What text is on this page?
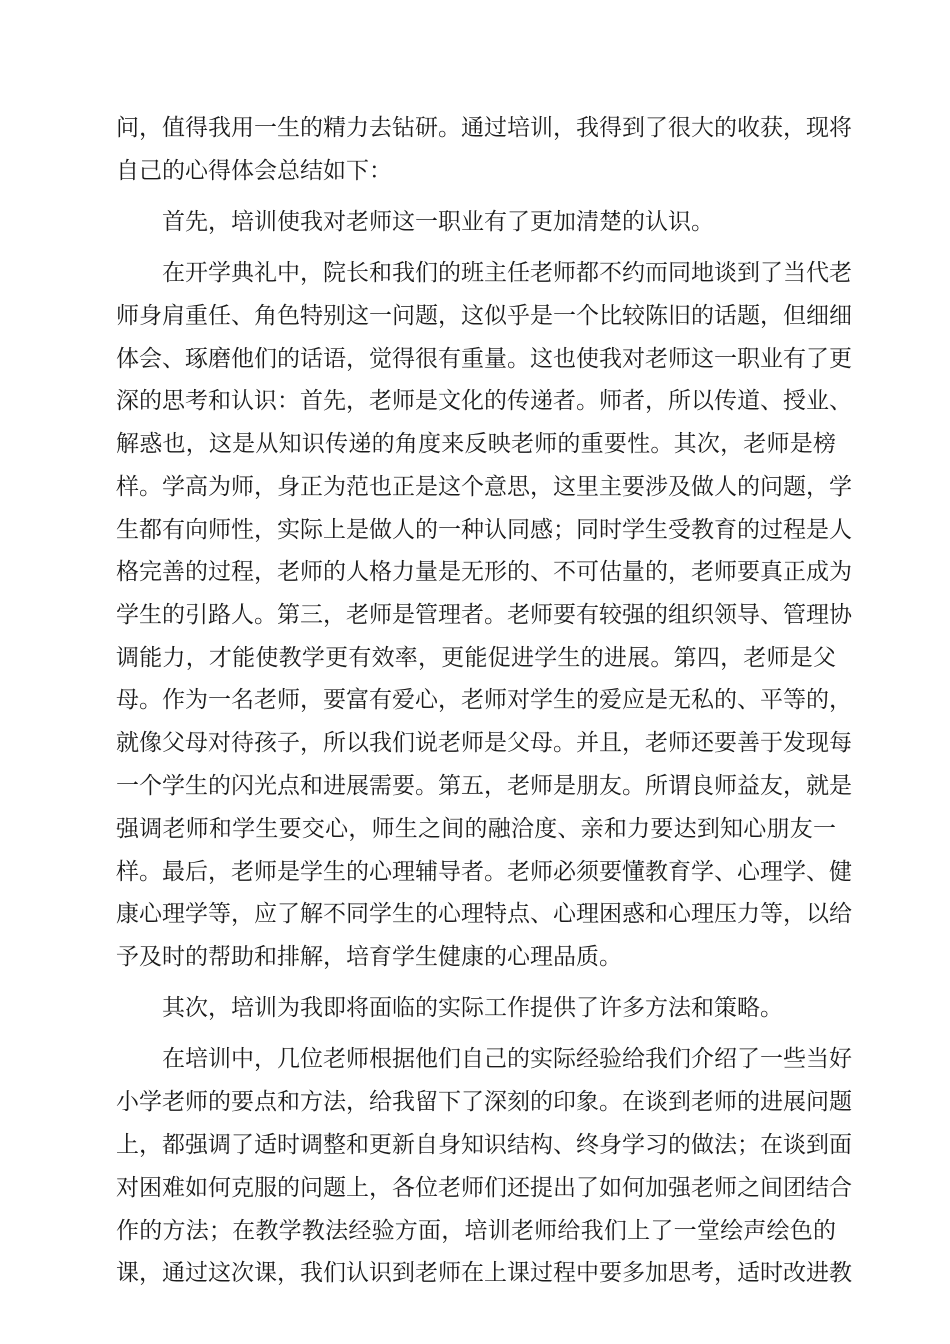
问，值得我用一生的精力去钻研。通过培训，我得到了很大的收获，现将

自己的心得体会总结如下：

首先，培训使我对老师这一职业有了更加清楚的认识。

在开学典礼中，院长和我们的班主任老师都不约而同地谈到了当代老

师身肩重任、角色特别这一问题，这似乎是一个比较陈旧的话题，但细细

体会、琢磨他们的话语，觉得很有重量。这也使我对老师这一职业有了更

深的思考和认识：首先，老师是文化的传递者。师者，所以传道、授业、

解惑也，这是从知识传递的角度来反映老师的重要性。其次，老师是榜

样。学高为师，身正为范也正是这个意思，这里主要涉及做人的问题，学

生都有向师性，实际上是做人的一种认同感；同时学生受教育的过程是人

格完善的过程，老师的人格力量是无形的、不可估量的，老师要真正成为

学生的引路人。第三，老师是管理者。老师要有较强的组织领导、管理协

调能力，才能使教学更有效率，更能促进学生的进展。第四，老师是父

母。作为一名老师，要富有爱心，老师对学生的爱应是无私的、平等的，

就像父母对待孩子，所以我们说老师是父母。并且，老师还要善于发现每

一个学生的闪光点和进展需要。第五，老师是朋友。所谓良师益友，就是

强调老师和学生要交心，师生之间的融洽度、亲和力要达到知心朋友一

样。最后，老师是学生的心理辅导者。老师必须要懂教育学、心理学、健

康心理学等，应了解不同学生的心理特点、心理困惑和心理压力等，以给

予及时的帮助和排解，培育学生健康的心理品质。

其次，培训为我即将面临的实际工作提供了许多方法和策略。

在培训中，几位老师根据他们自己的实际经验给我们介绍了一些当好

小学老师的要点和方法，给我留下了深刻的印象。在谈到老师的进展问题

上，都强调了适时调整和更新自身知识结构、终身学习的做法；在谈到面

对困难如何克服的问题上，各位老师们还提出了如何加强老师之间团结合

作的方法；在教学教法经验方面，培训老师给我们上了一堂绘声绘色的

课，通过这次课，我们认识到老师在上课过程中要多加思考，适时改进教
